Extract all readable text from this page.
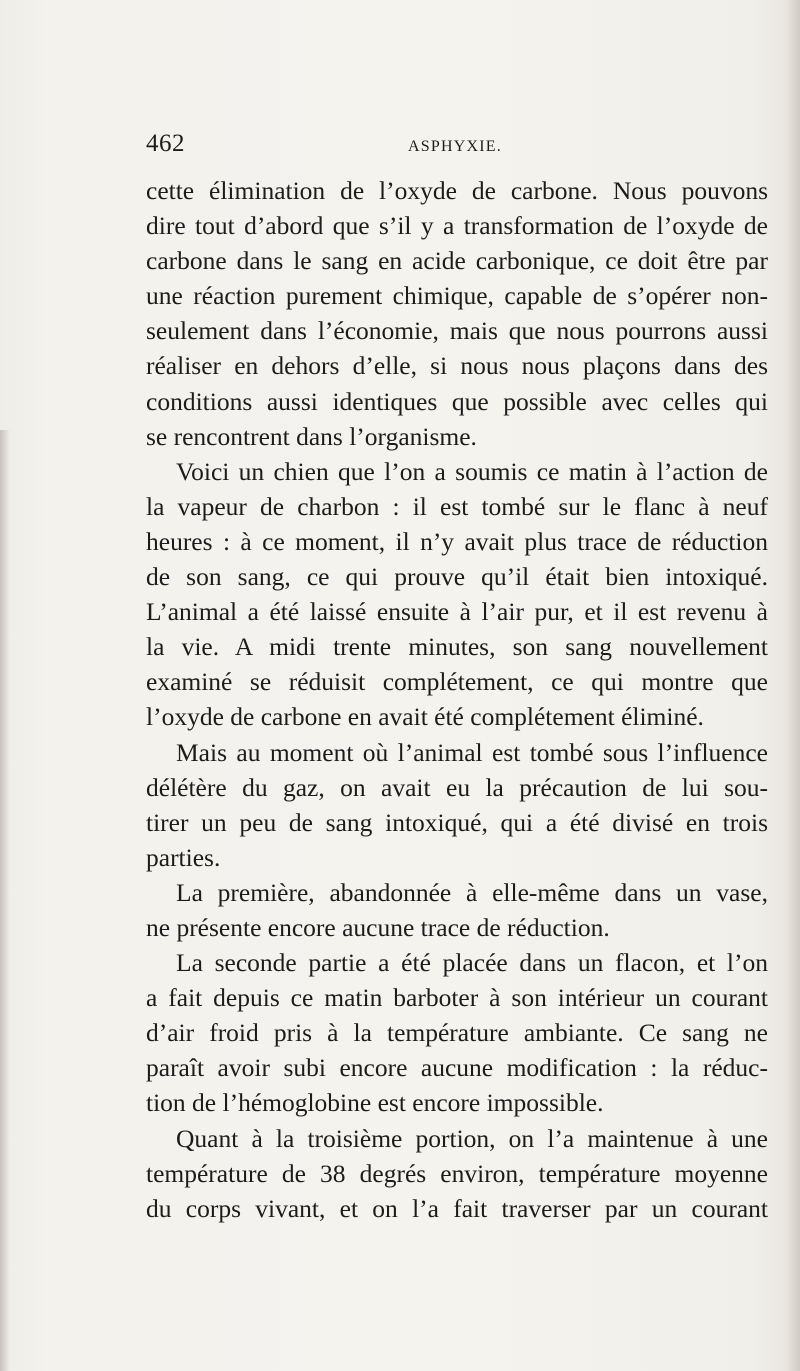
462	ASPHYXIE.
cette élimination de l’oxyde de carbone. Nous pouvons
dire tout d’abord que s’il y a transformation de l’oxyde de
carbone dans le sang en acide carbonique, ce doit être par
une réaction purement chimique, capable de s’opérer non-
seulement dans l’économie, mais que nous pourrons aussi
réaliser en dehors d’elle, si nous nous plaçons dans des
conditions aussi identiques que possible avec celles qui
se rencontrent dans l’organisme.
Voici un chien que l’on a soumis ce matin à l’action de
la vapeur de charbon : il est tombé sur le flanc à neuf
heures : à ce moment, il n’y avait plus trace de réduction
de son sang, ce qui prouve qu’il était bien intoxiqué.
L’animal a été laissé ensuite à l’air pur, et il est revenu à
la vie. A midi trente minutes, son sang nouvellement
examiné se réduisit complétement, ce qui montre que
l’oxyde de carbone en avait été complétement éliminé.
Mais au moment où l’animal est tombé sous l’influence
délétère du gaz, on avait eu la précaution de lui sou-
tirer un peu de sang intoxiqué, qui a été divisé en trois
parties.
La première, abandonnée à elle-même dans un vase,
ne présente encore aucune trace de réduction.
La seconde partie a été placée dans un flacon, et l’on
a fait depuis ce matin barboter à son intérieur un courant
d’air froid pris à la température ambiante. Ce sang ne
paraît avoir subi encore aucune modification : la réduc-
tion de l’hémoglobine est encore impossible.
Quant à la troisième portion, on l’a maintenue à une
température de 38 degrés environ, température moyenne
du corps vivant, et on l’a fait traverser par un courant
